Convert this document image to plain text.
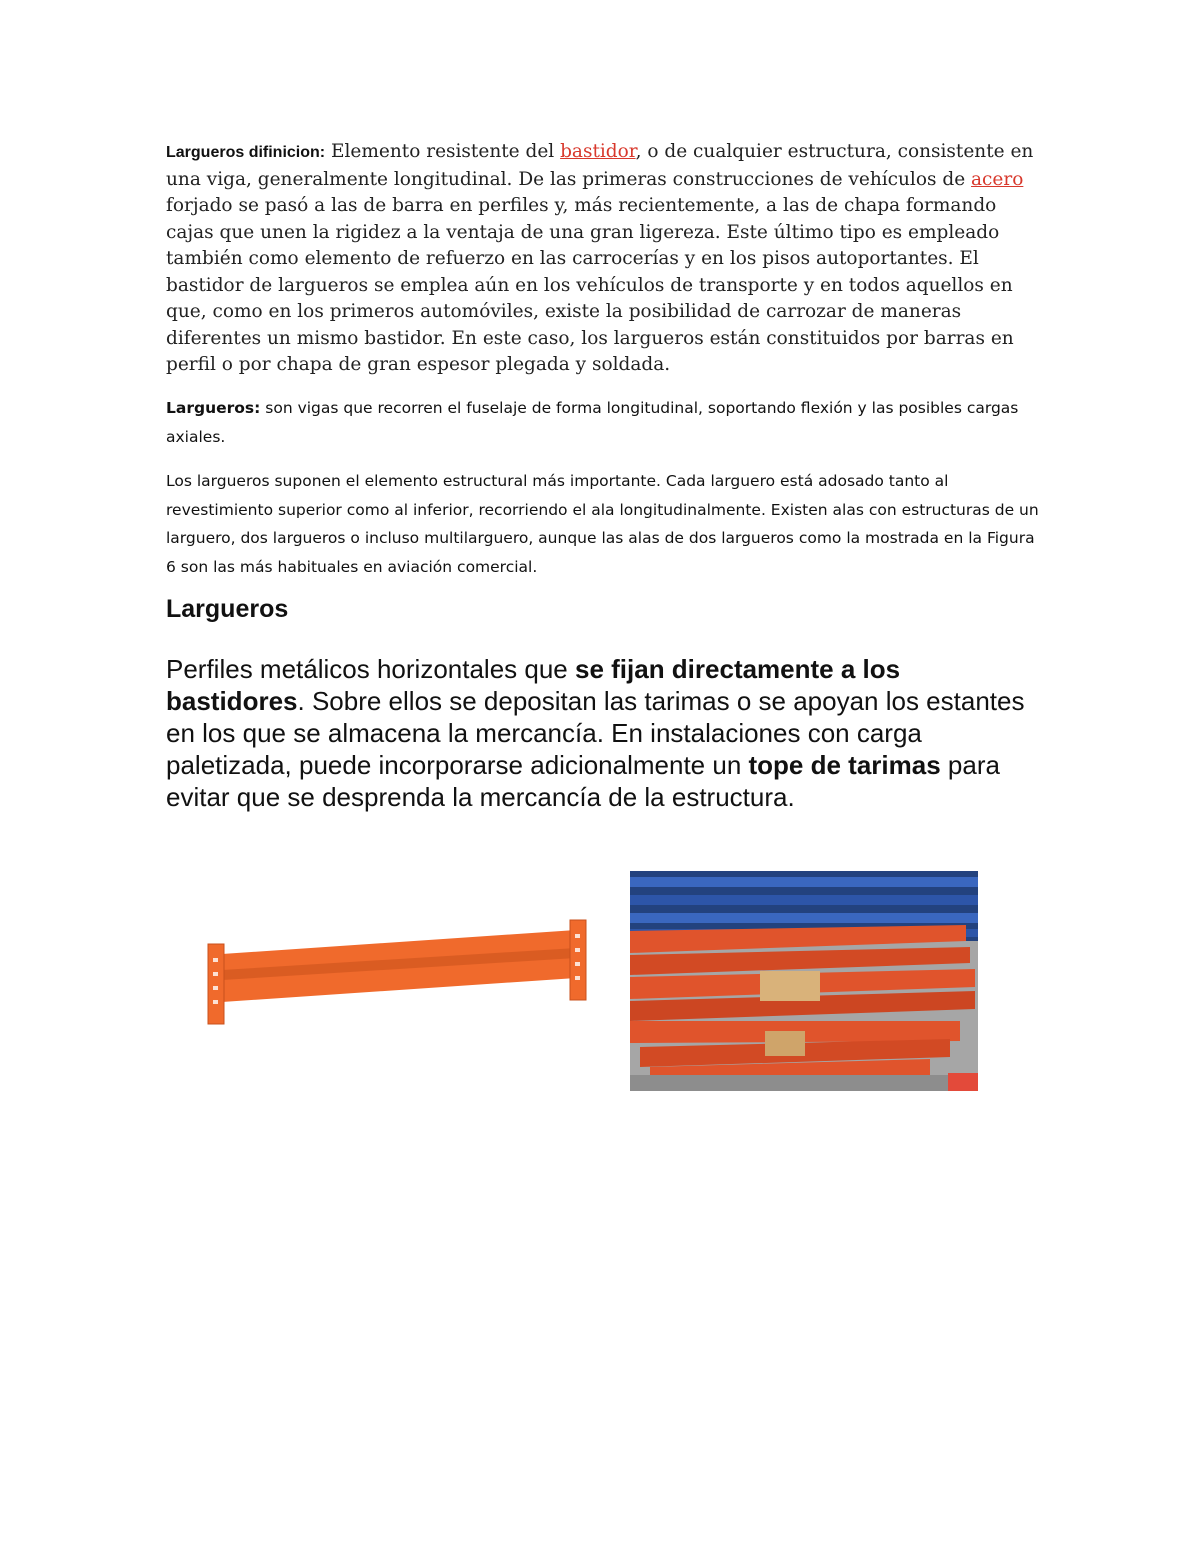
Largueros difinicion: Elemento resistente del bastidor, o de cualquier estructura, consistente en una viga, generalmente longitudinal. De las primeras construcciones de vehículos de acero forjado se pasó a las de barra en perfiles y, más recientemente, a las de chapa formando cajas que unen la rigidez a la ventaja de una gran ligereza. Este último tipo es empleado también como elemento de refuerzo en las carrocerías y en los pisos autoportantes. El bastidor de largueros se emplea aún en los vehículos de transporte y en todos aquellos en que, como en los primeros automóviles, existe la posibilidad de carrozar de maneras diferentes un mismo bastidor. En este caso, los largueros están constituidos por barras en perfil o por chapa de gran espesor plegada y soldada.

Largueros: son vigas que recorren el fuselaje de forma longitudinal, soportando flexión y las posibles cargas axiales.

Los largueros suponen el elemento estructural más importante. Cada larguero está adosado tanto al revestimiento superior como al inferior, recorriendo el ala longitudinalmente. Existen alas con estructuras de un larguero, dos largueros o incluso multilarguero, aunque las alas de dos largueros como la mostrada en la Figura 6 son las más habituales en aviación comercial.

Largueros

Perfiles metálicos horizontales que se fijan directamente a los bastidores. Sobre ellos se depositan las tarimas o se apoyan los estantes en los que se almacena la mercancía. En instalaciones con carga paletizada, puede incorporarse adicionalmente un tope de tarimas para evitar que se desprenda la mercancía de la estructura.
